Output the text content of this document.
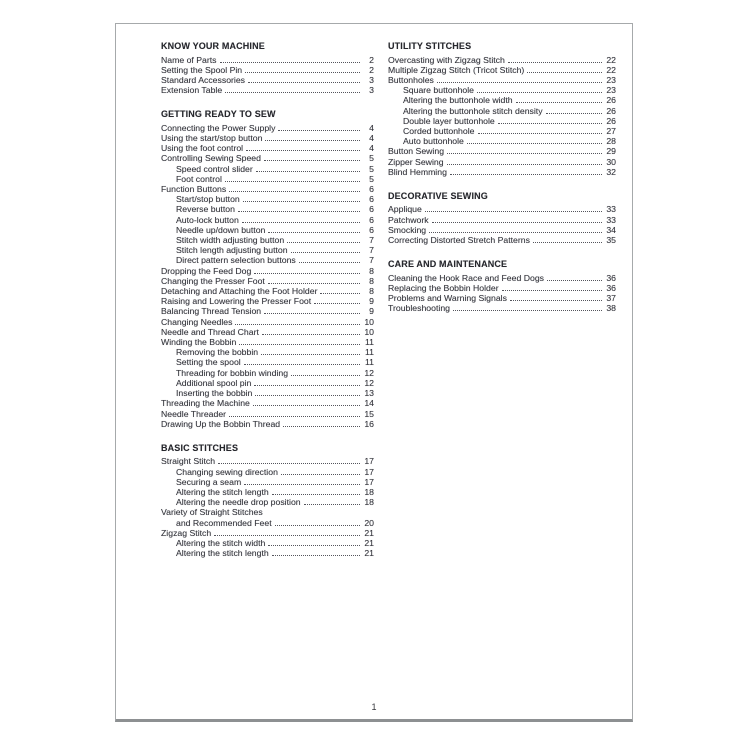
KNOW YOUR MACHINE
Name of Parts	2
Setting the Spool Pin	2
Standard Accessories	3
Extension Table	3
GETTING READY TO SEW
Connecting the Power Supply	4
Using the start/stop button	4
Using the foot control	4
Controlling Sewing Speed	5
Speed control slider	5
Foot control	5
Function Buttons	6
Start/stop button	6
Reverse button	6
Auto-lock button	6
Needle up/down button	6
Stitch width adjusting button	7
Stitch length adjusting button	7
Direct pattern selection buttons	7
Dropping the Feed Dog	8
Changing the Presser Foot	8
Detaching and Attaching the Foot Holder	8
Raising and Lowering the Presser Foot	9
Balancing Thread Tension	9
Changing Needles	10
Needle and Thread Chart	10
Winding the Bobbin	11
Removing the bobbin	11
Setting the spool	11
Threading for bobbin winding	12
Additional spool pin	12
Inserting the bobbin	13
Threading the Machine	14
Needle Threader	15
Drawing Up the Bobbin Thread	16
BASIC STITCHES
Straight Stitch	17
Changing sewing direction	17
Securing a seam	17
Altering the stitch length	18
Altering the needle drop position	18
Variety of Straight Stitches
and Recommended Feet	20
Zigzag Stitch	21
Altering the stitch width	21
Altering the stitch length	21
UTILITY STITCHES
Overcasting with Zigzag Stitch	22
Multiple Zigzag Stitch (Tricot Stitch)	22
Buttonholes	23
Square buttonhole	23
Altering the buttonhole width	26
Altering the buttonhole stitch density	26
Double layer buttonhole	26
Corded buttonhole	27
Auto buttonhole	28
Button Sewing	29
Zipper Sewing	30
Blind Hemming	32
DECORATIVE SEWING
Applique	33
Patchwork	33
Smocking	34
Correcting Distorted Stretch Patterns	35
CARE AND MAINTENANCE
Cleaning the Hook Race and Feed Dogs	36
Replacing the Bobbin Holder	36
Problems and Warning Signals	37
Troubleshooting	38
1
